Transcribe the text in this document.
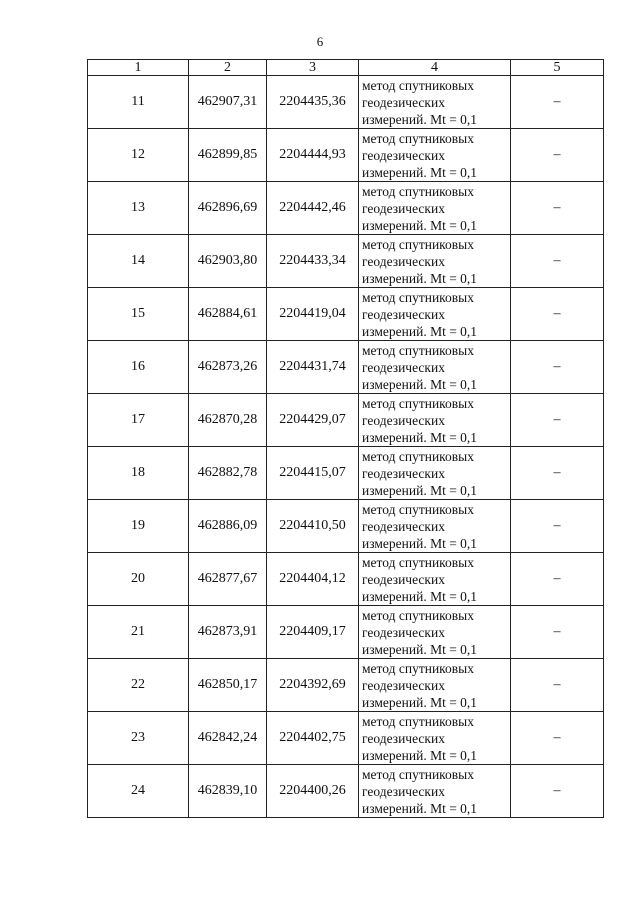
6
1	2	3	4	5
11	462907,31	2204435,36	метод спутниковых
геодезических
измерений. Mt = 0,1	–
12	462899,85	2204444,93	метод спутниковых
геодезических
измерений. Mt = 0,1	–
13	462896,69	2204442,46	метод спутниковых
геодезических
измерений. Mt = 0,1	–
14	462903,80	2204433,34	метод спутниковых
геодезических
измерений. Mt = 0,1	–
15	462884,61	2204419,04	метод спутниковых
геодезических
измерений. Mt = 0,1	–
16	462873,26	2204431,74	метод спутниковых
геодезических
измерений. Mt = 0,1	–
17	462870,28	2204429,07	метод спутниковых
геодезических
измерений. Mt = 0,1	–
18	462882,78	2204415,07	метод спутниковых
геодезических
измерений. Mt = 0,1	–
19	462886,09	2204410,50	метод спутниковых
геодезических
измерений. Mt = 0,1	–
20	462877,67	2204404,12	метод спутниковых
геодезических
измерений. Mt = 0,1	–
21	462873,91	2204409,17	метод спутниковых
геодезических
измерений. Mt = 0,1	–
22	462850,17	2204392,69	метод спутниковых
геодезических
измерений. Mt = 0,1	–
23	462842,24	2204402,75	метод спутниковых
геодезических
измерений. Mt = 0,1	–
24	462839,10	2204400,26	метод спутниковых
геодезических
измерений. Mt = 0,1	–
